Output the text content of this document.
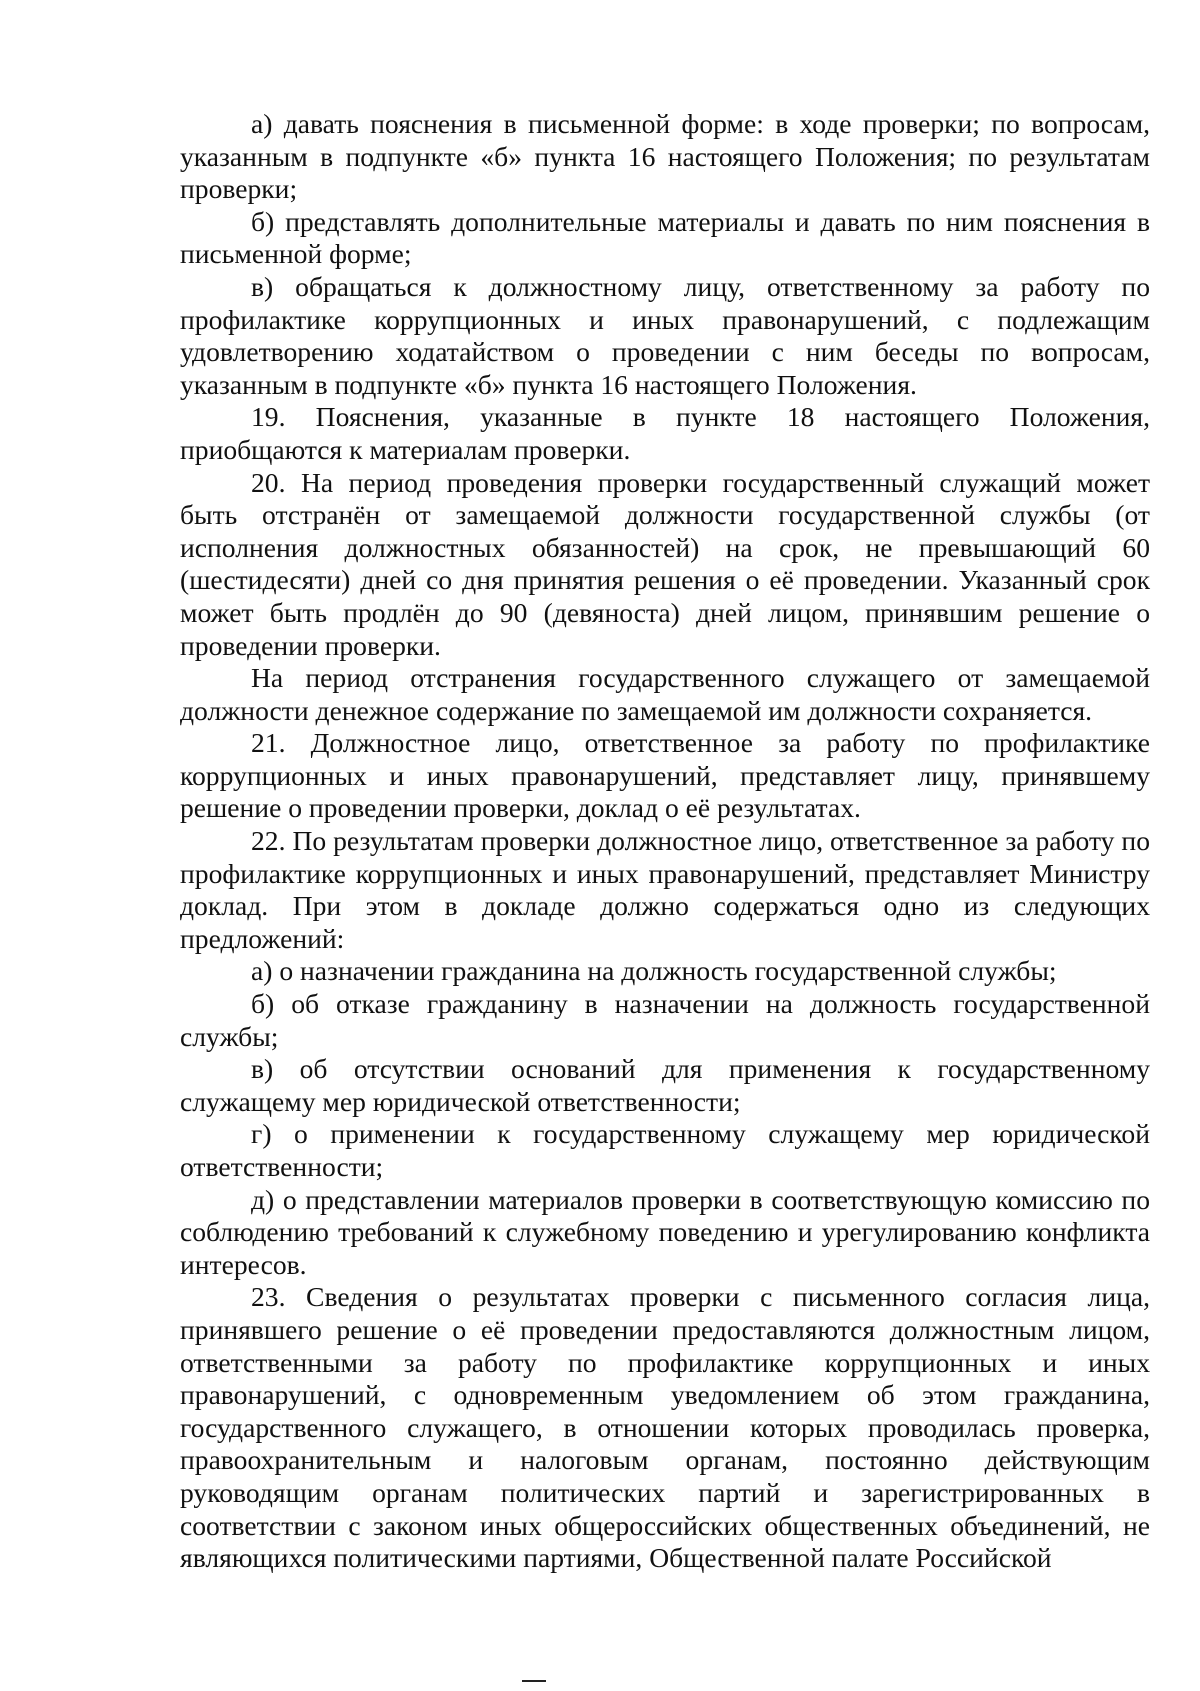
а) давать пояснения в письменной форме: в ходе проверки; по вопросам, указанным в подпункте «б» пункта 16 настоящего Положения; по результатам проверки;

б) представлять дополнительные материалы и давать по ним пояснения в письменной форме;

в) обращаться к должностному лицу, ответственному за работу по профилактике коррупционных и иных правонарушений, с подлежащим удовлетворению ходатайством о проведении с ним беседы по вопросам, указанным в подпункте «б» пункта 16 настоящего Положения.

19. Пояснения, указанные в пункте 18 настоящего Положения, приобщаются к материалам проверки.

20. На период проведения проверки государственный служащий может быть отстранён от замещаемой должности государственной службы (от исполнения должностных обязанностей) на срок, не превышающий 60 (шестидесяти) дней со дня принятия решения о её проведении. Указанный срок может быть продлён до 90 (девяноста) дней лицом, принявшим решение о проведении проверки.

На период отстранения государственного служащего от замещаемой должности денежное содержание по замещаемой им должности сохраняется.

21. Должностное лицо, ответственное за работу по профилактике коррупционных и иных правонарушений, представляет лицу, принявшему решение о проведении проверки, доклад о её результатах.

22. По результатам проверки должностное лицо, ответственное за работу по профилактике коррупционных и иных правонарушений, представляет Министру доклад. При этом в докладе должно содержаться одно из следующих предложений:

а) о назначении гражданина на должность государственной службы;

б) об отказе гражданину в назначении на должность государственной службы;

в) об отсутствии оснований для применения к государственному служащему мер юридической ответственности;

г) о применении к государственному служащему мер юридической ответственности;

д) о представлении материалов проверки в соответствующую комиссию по соблюдению требований к служебному поведению и урегулированию конфликта интересов.

23. Сведения о результатах проверки с письменного согласия лица, принявшего решение о её проведении предоставляются должностным лицом, ответственными за работу по профилактике коррупционных и иных правонарушений, с одновременным уведомлением об этом гражданина, государственного служащего, в отношении которых проводилась проверка, правоохранительным и налоговым органам, постоянно действующим руководящим органам политических партий и зарегистрированных в соответствии с законом иных общероссийских общественных объединений, не являющихся политическими партиями, Общественной палате Российской
